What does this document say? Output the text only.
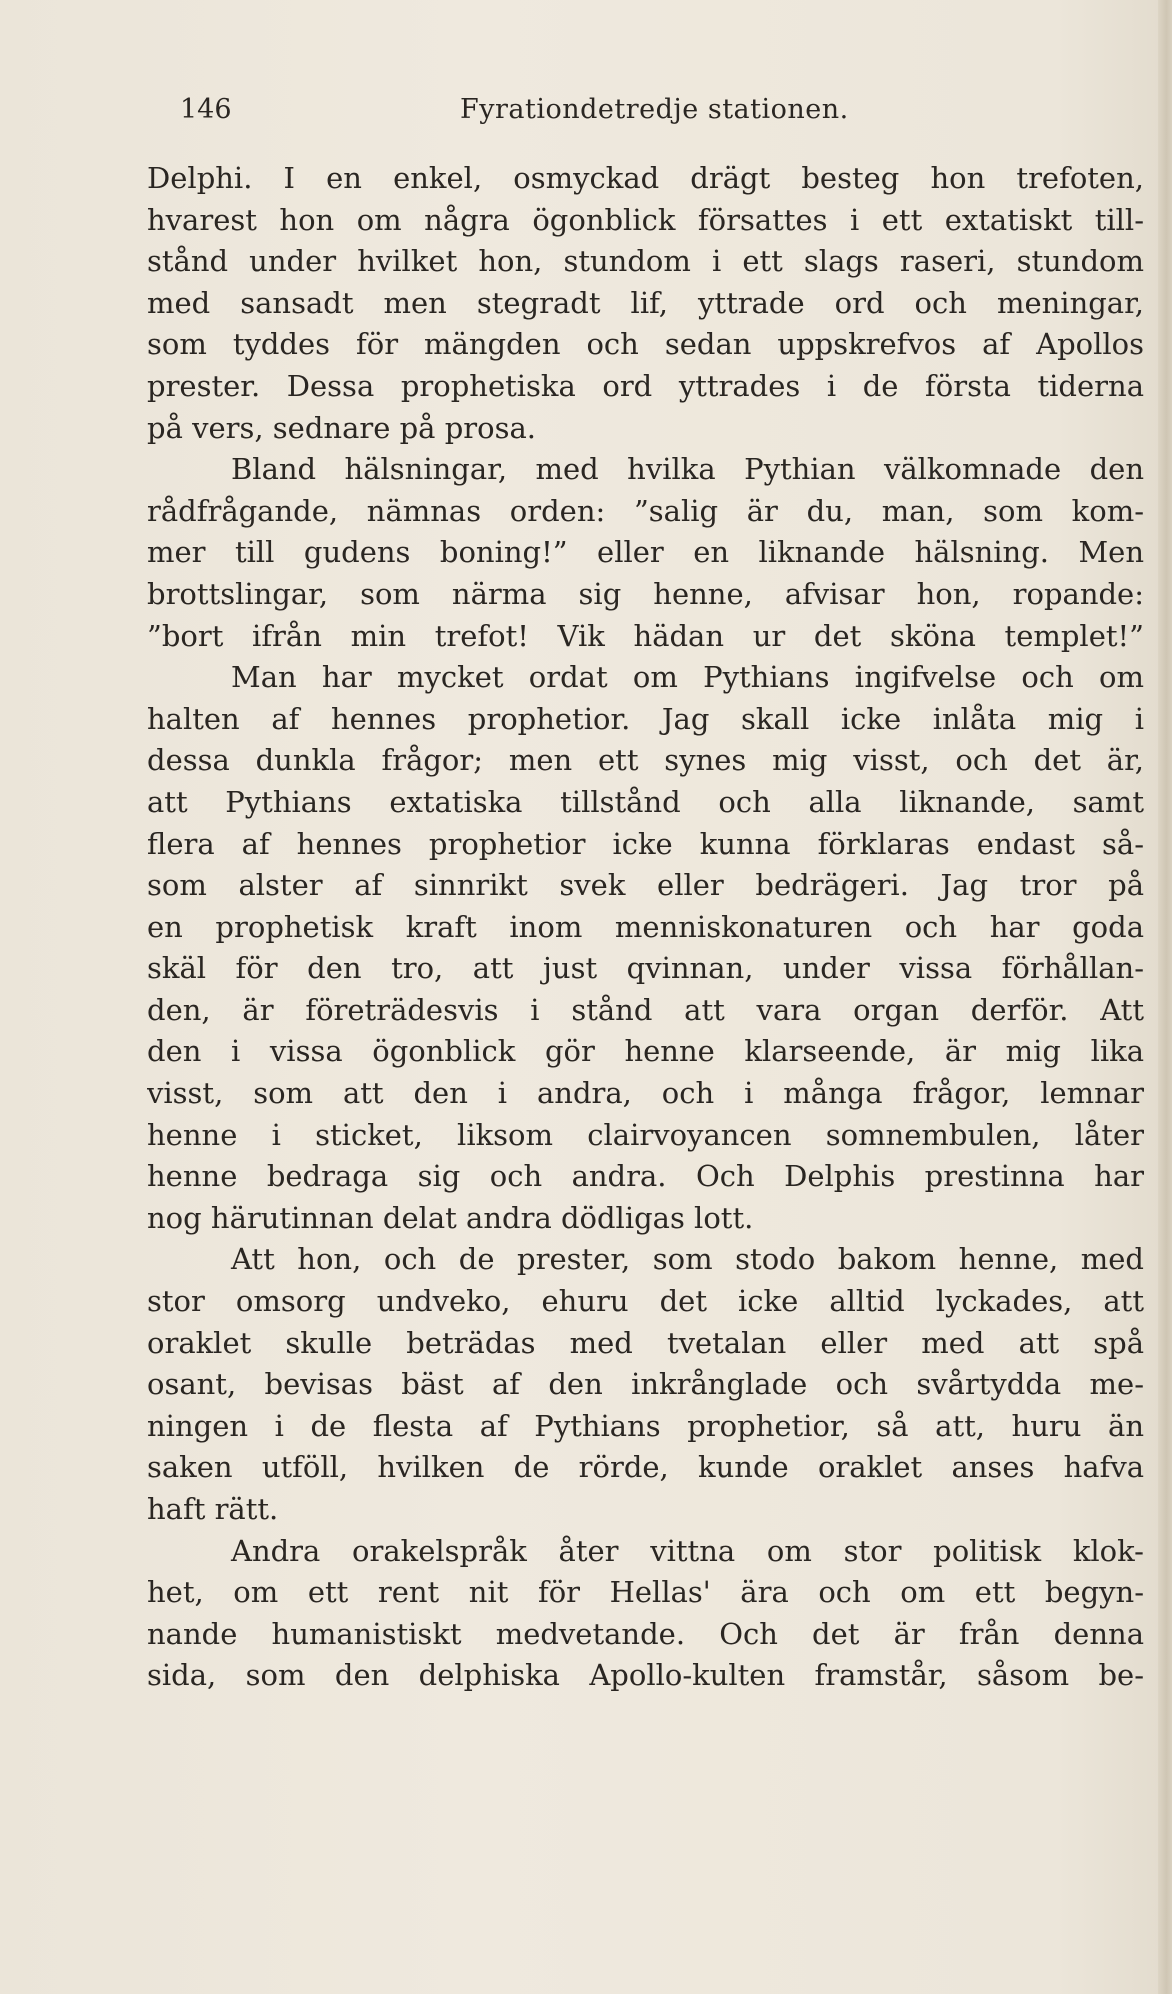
146	Fyrationdetredje stationen.
Delphi. I en enkel, osmyckad drägt besteg hon trefoten,
hvarest hon om några ögonblick försattes i ett extatiskt till-
stånd under hvilket hon, stundom i ett slags raseri, stundom
med sansadt men stegradt lif, yttrade ord och meningar,
som tyddes för mängden och sedan uppskrefvos af Apollos
prester. Dessa prophetiska ord yttrades i de första tiderna
på vers, sednare på prosa.
Bland hälsningar, med hvilka Pythian välkomnade den
rådfrågande, nämnas orden: ”salig är du, man, som kom-
mer till gudens boning!” eller en liknande hälsning. Men
brottslingar, som närma sig henne, afvisar hon, ropande:
”bort ifrån min trefot! Vik hädan ur det sköna templet!”
Man har mycket ordat om Pythians ingifvelse och om
halten af hennes prophetior. Jag skall icke inlåta mig i
dessa dunkla frågor; men ett synes mig visst, och det är,
att Pythians extatiska tillstånd och alla liknande, samt
flera af hennes prophetior icke kunna förklaras endast så-
som alster af sinnrikt svek eller bedrägeri. Jag tror på
en prophetisk kraft inom menniskonaturen och har goda
skäl för den tro, att just qvinnan, under vissa förhållan-
den, är företrädesvis i stånd att vara organ derför. Att
den i vissa ögonblick gör henne klarseende, är mig lika
visst, som att den i andra, och i många frågor, lemnar
henne i sticket, liksom clairvoyancen somnembulen, låter
henne bedraga sig och andra. Och Delphis prestinna har
nog härutinnan delat andra dödligas lott.
Att hon, och de prester, som stodo bakom henne, med
stor omsorg undveko, ehuru det icke alltid lyckades, att
oraklet skulle beträdas med tvetalan eller med att spå
osant, bevisas bäst af den inkrånglade och svårtydda me-
ningen i de flesta af Pythians prophetior, så att, huru än
saken utföll, hvilken de rörde, kunde oraklet anses hafva
haft rätt.
Andra orakelspråk åter vittna om stor politisk klok-
het, om ett rent nit för Hellas' ära och om ett begyn-
nande humanistiskt medvetande. Och det är från denna
sida, som den delphiska Apollo-kulten framstår, såsom be-
